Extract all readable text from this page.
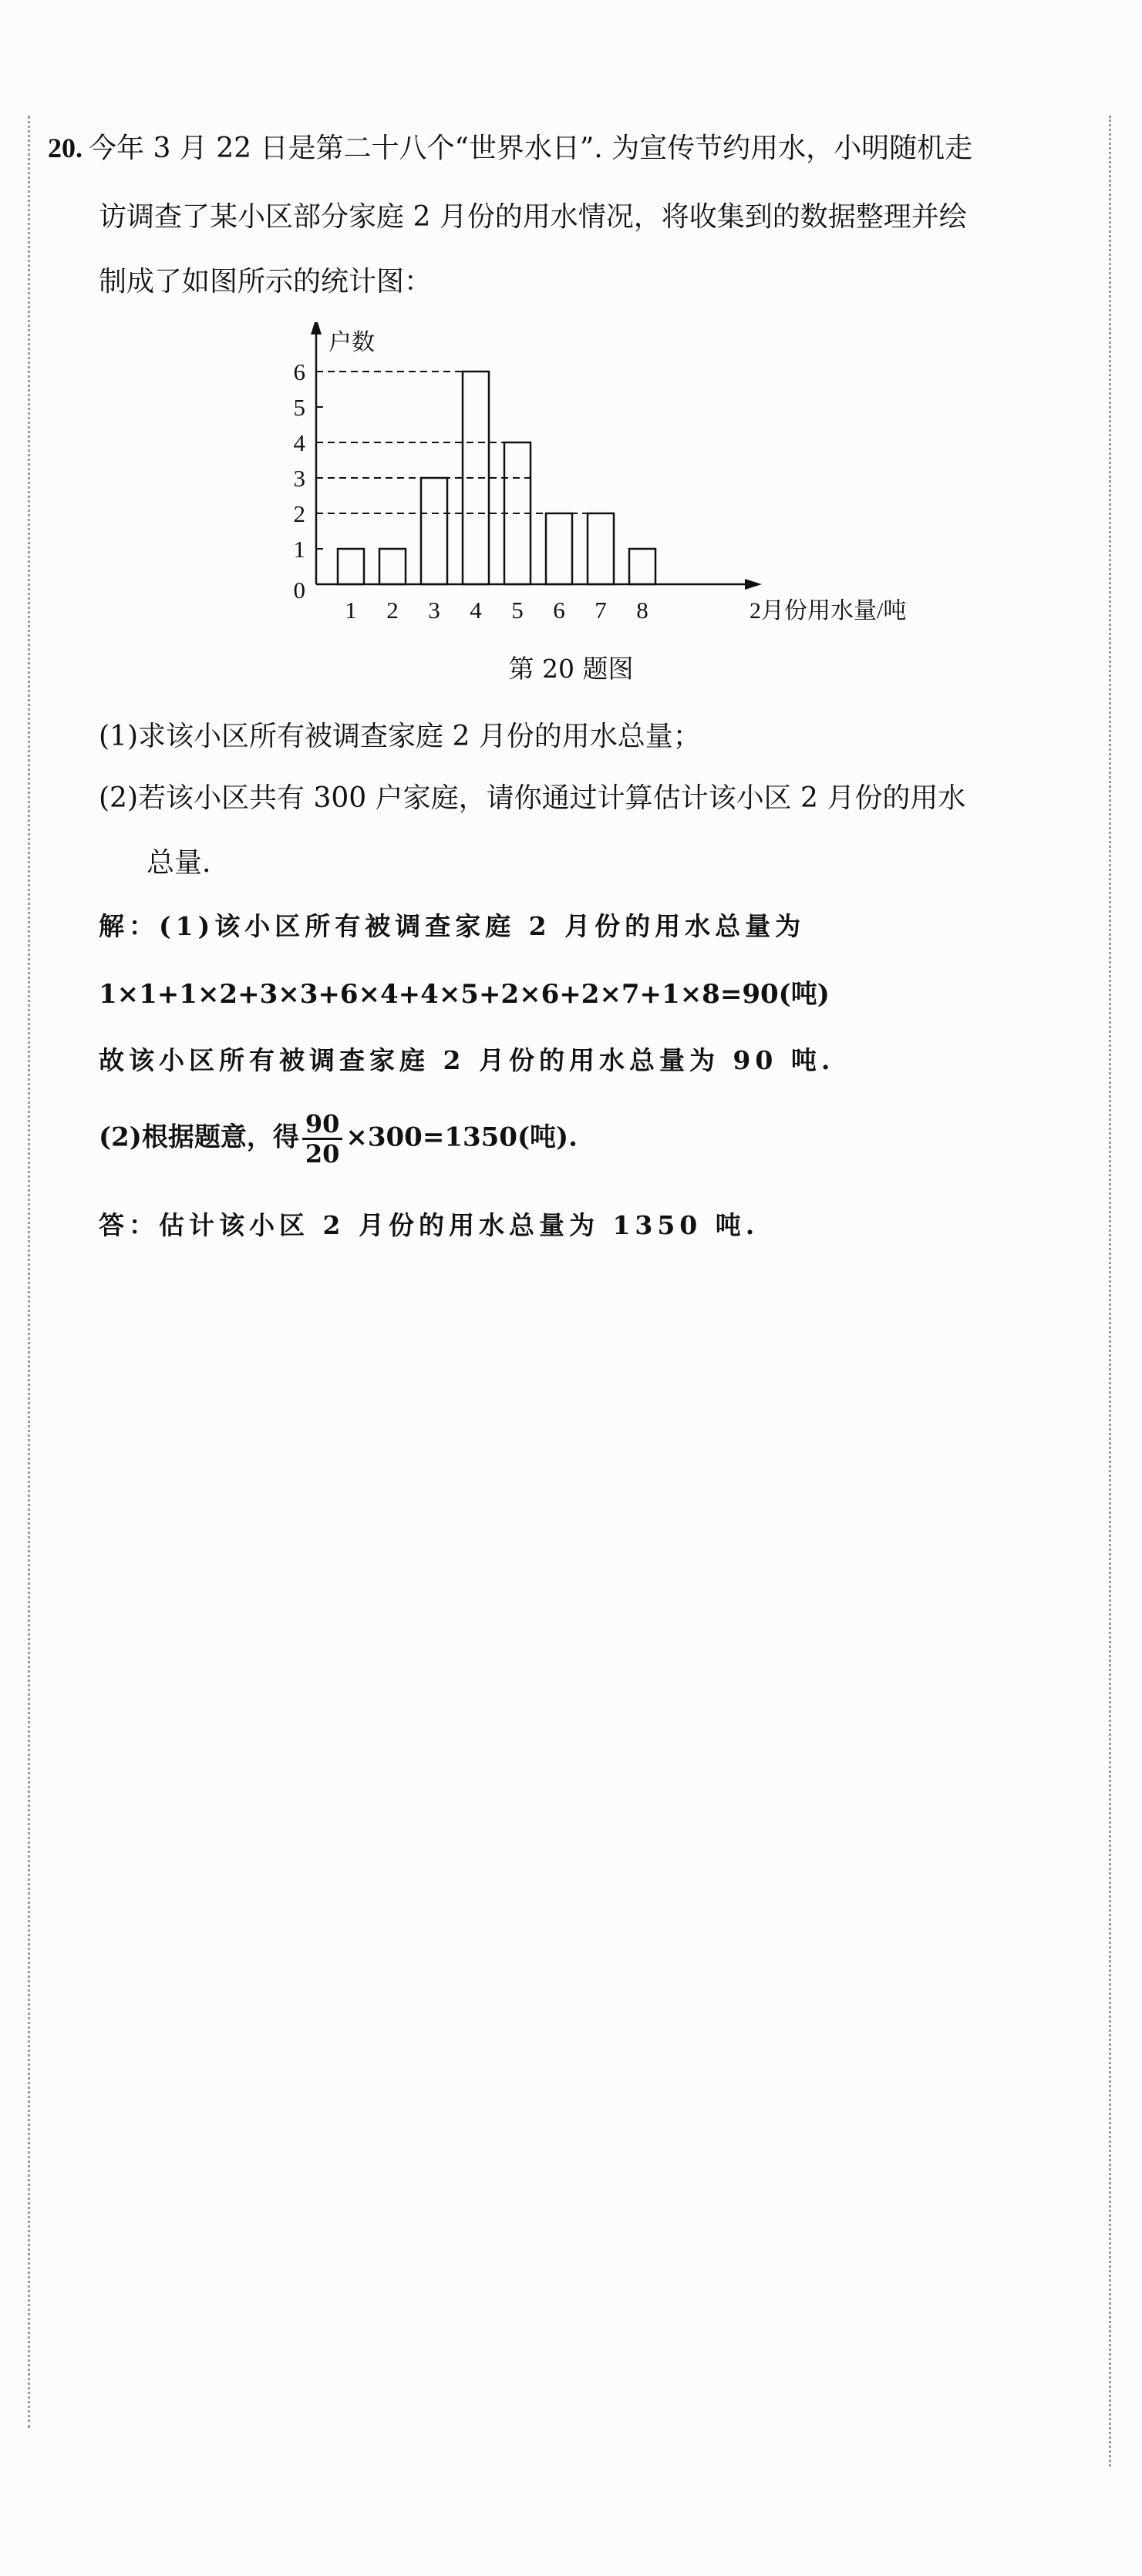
20. 今年 3 月 22 日是第二十八个“世界水日”. 为宣传节约用水，小明随机走
访调查了某小区部分家庭 2 月份的用水情况，将收集到的数据整理并绘
制成了如图所示的统计图：
1
2
3
4
5
6
0
1 2 3 4 5 6 7 8
户数
2月份用水量/吨
第 20 题图
(1)求该小区所有被调查家庭 2 月份的用水总量；
(2)若该小区共有 300 户家庭，请你通过计算估计该小区 2 月份的用水
总量.
解：(1)该小区所有被调查家庭 2 月份的用水总量为
1×1+1×2+3×3+6×4+4×5+2×6+2×7+1×8=90(吨)
故该小区所有被调查家庭 2 月份的用水总量为 90 吨.
(2)根据题意，得 $\frac{90}{20} \times 300=1350$(吨).
答：估计该小区 2 月份的用水总量为 1350 吨.
